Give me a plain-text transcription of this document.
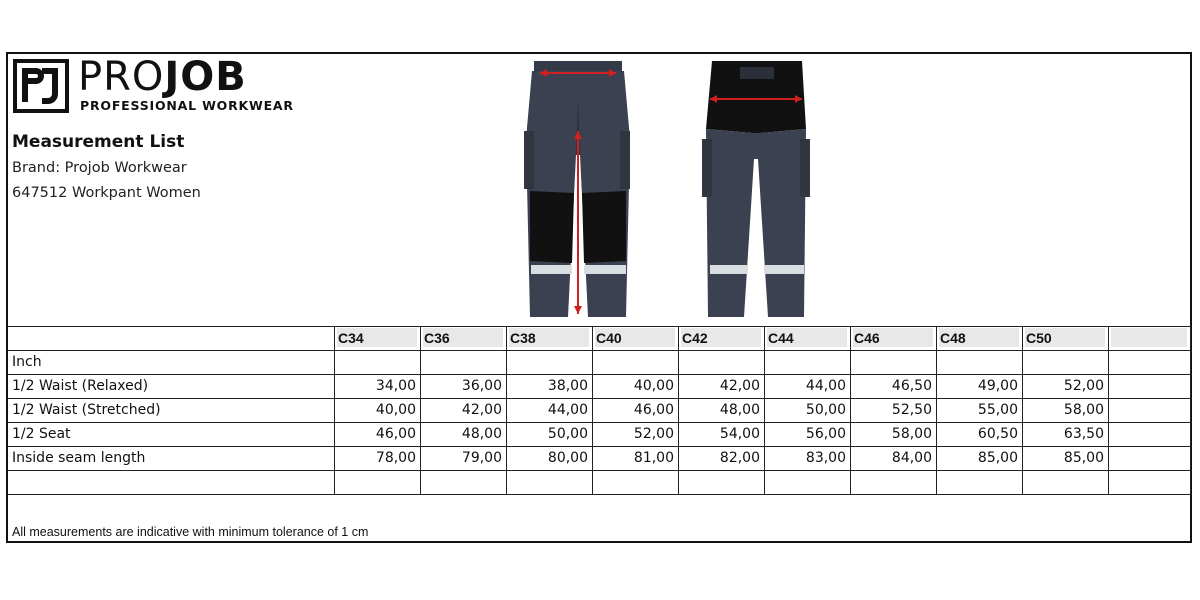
PROJOB
PROFESSIONAL WORKWEAR
Measurement List
Brand: Projob Workwear
647512 Workpant Women
C34	C36	C38	C40	C42	C44	C46	C48	C50
Inch
1/2 Waist (Relaxed)	34,00	36,00	38,00	40,00	42,00	44,00	46,50	49,00	52,00
1/2 Waist (Stretched)	40,00	42,00	44,00	46,00	48,00	50,00	52,50	55,00	58,00
1/2 Seat	46,00	48,00	50,00	52,00	54,00	56,00	58,00	60,50	63,50
Inside seam length	78,00	79,00	80,00	81,00	82,00	83,00	84,00	85,00	85,00
All measurements are indicative with minimum tolerance of 1 cm
